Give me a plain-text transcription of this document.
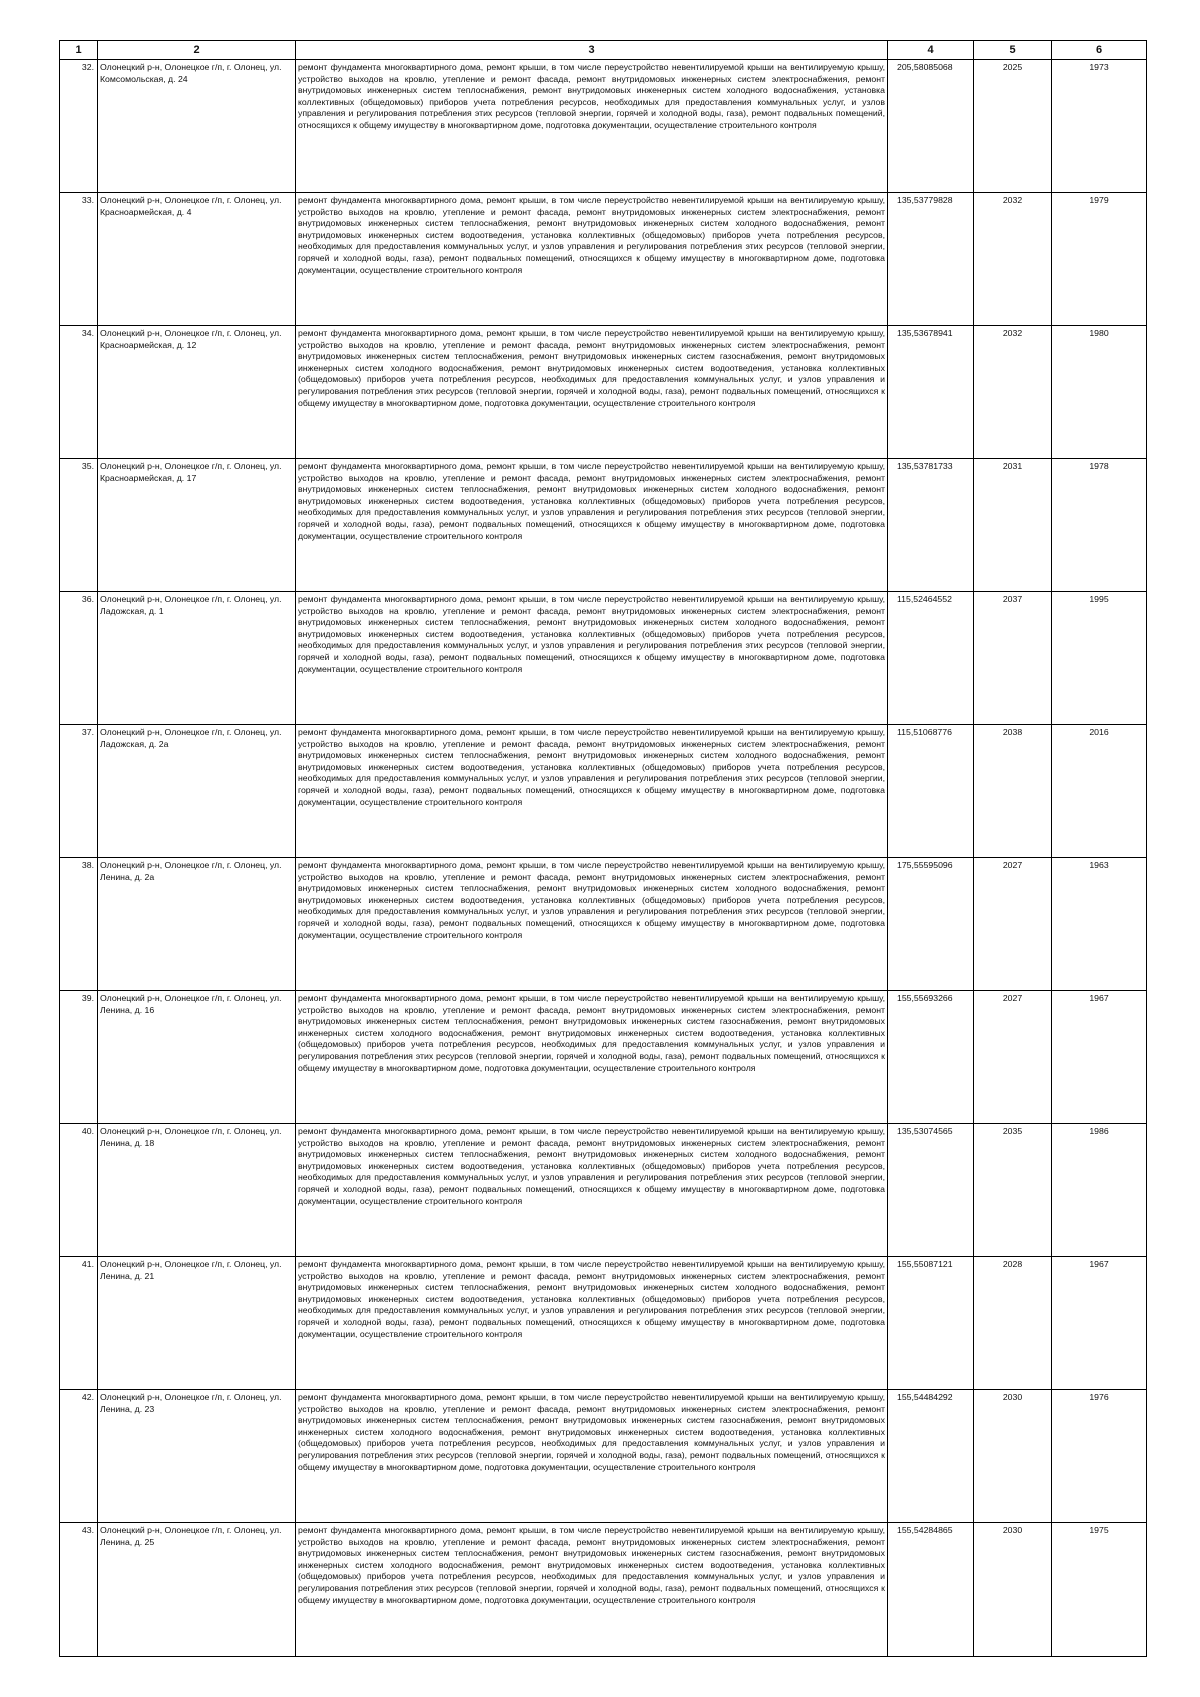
1	2	3	4	5	6
32.	Олонецкий р-н, Олонецкое г/п, г. Олонец, ул. Комсомольская, д. 24	ремонт фундамента многоквартирного дома, ремонт крыши, в том числе переустройство невентилируемой крыши на вентилируемую крышу, устройство выходов на кровлю, утепление и ремонт фасада, ремонт внутридомовых инженерных систем электроснабжения, ремонт внутридомовых инженерных систем теплоснабжения, ремонт внутридомовых инженерных систем холодного водоснабжения, установка коллективных (общедомовых) приборов учета потребления ресурсов, необходимых для предоставления коммунальных услуг, и узлов управления и регулирования потребления этих ресурсов (тепловой энергии, горячей и холодной воды, газа), ремонт подвальных помещений, относящихся к общему имуществу в многоквартирном доме, подготовка документации, осуществление строительного контроля	205,58085068	2025	1973
33.	Олонецкий р-н, Олонецкое г/п, г. Олонец, ул. Красноармейская, д. 4	ремонт фундамента многоквартирного дома, ремонт крыши, в том числе переустройство невентилируемой крыши на вентилируемую крышу, устройство выходов на кровлю, утепление и ремонт фасада, ремонт внутридомовых инженерных систем электроснабжения, ремонт внутридомовых инженерных систем теплоснабжения, ремонт внутридомовых инженерных систем холодного водоснабжения, ремонт внутридомовых инженерных систем водоотведения, установка коллективных (общедомовых) приборов учета потребления ресурсов, необходимых для предоставления коммунальных услуг, и узлов управления и регулирования потребления этих ресурсов (тепловой энергии, горячей и холодной воды, газа), ремонт подвальных помещений, относящихся к общему имуществу в многоквартирном доме, подготовка документации, осуществление строительного контроля	135,53779828	2032	1979
34.	Олонецкий р-н, Олонецкое г/п, г. Олонец, ул. Красноармейская, д. 12	ремонт фундамента многоквартирного дома, ремонт крыши, в том числе переустройство невентилируемой крыши на вентилируемую крышу, устройство выходов на кровлю, утепление и ремонт фасада, ремонт внутридомовых инженерных систем электроснабжения, ремонт внутридомовых инженерных систем теплоснабжения, ремонт внутридомовых инженерных систем газоснабжения, ремонт внутридомовых инженерных систем холодного водоснабжения, ремонт внутридомовых инженерных систем водоотведения, установка коллективных (общедомовых) приборов учета потребления ресурсов, необходимых для предоставления коммунальных услуг, и узлов управления и регулирования потребления этих ресурсов (тепловой энергии, горячей и холодной воды, газа), ремонт подвальных помещений, относящихся к общему имуществу в многоквартирном доме, подготовка документации, осуществление строительного контроля	135,53678941	2032	1980
35.	Олонецкий р-н, Олонецкое г/п, г. Олонец, ул. Красноармейская, д. 17	ремонт фундамента многоквартирного дома, ремонт крыши, в том числе переустройство невентилируемой крыши на вентилируемую крышу, устройство выходов на кровлю, утепление и ремонт фасада, ремонт внутридомовых инженерных систем электроснабжения, ремонт внутридомовых инженерных систем теплоснабжения, ремонт внутридомовых инженерных систем холодного водоснабжения, ремонт внутридомовых инженерных систем водоотведения, установка коллективных (общедомовых) приборов учета потребления ресурсов, необходимых для предоставления коммунальных услуг, и узлов управления и регулирования потребления этих ресурсов (тепловой энергии, горячей и холодной воды, газа), ремонт подвальных помещений, относящихся к общему имуществу в многоквартирном доме, подготовка документации, осуществление строительного контроля	135,53781733	2031	1978
36.	Олонецкий р-н, Олонецкое г/п, г. Олонец, ул. Ладожская, д. 1	ремонт фундамента многоквартирного дома, ремонт крыши, в том числе переустройство невентилируемой крыши на вентилируемую крышу, устройство выходов на кровлю, утепление и ремонт фасада, ремонт внутридомовых инженерных систем электроснабжения, ремонт внутридомовых инженерных систем теплоснабжения, ремонт внутридомовых инженерных систем холодного водоснабжения, ремонт внутридомовых инженерных систем водоотведения, установка коллективных (общедомовых) приборов учета потребления ресурсов, необходимых для предоставления коммунальных услуг, и узлов управления и регулирования потребления этих ресурсов (тепловой энергии, горячей и холодной воды, газа), ремонт подвальных помещений, относящихся к общему имуществу в многоквартирном доме, подготовка документации, осуществление строительного контроля	115,52464552	2037	1995
37.	Олонецкий р-н, Олонецкое г/п, г. Олонец, ул. Ладожская, д. 2а	ремонт фундамента многоквартирного дома, ремонт крыши, в том числе переустройство невентилируемой крыши на вентилируемую крышу, устройство выходов на кровлю, утепление и ремонт фасада, ремонт внутридомовых инженерных систем электроснабжения, ремонт внутридомовых инженерных систем теплоснабжения, ремонт внутридомовых инженерных систем холодного водоснабжения, ремонт внутридомовых инженерных систем водоотведения, установка коллективных (общедомовых) приборов учета потребления ресурсов, необходимых для предоставления коммунальных услуг, и узлов управления и регулирования потребления этих ресурсов (тепловой энергии, горячей и холодной воды, газа), ремонт подвальных помещений, относящихся к общему имуществу в многоквартирном доме, подготовка документации, осуществление строительного контроля	115,51068776	2038	2016
38.	Олонецкий р-н, Олонецкое г/п, г. Олонец, ул. Ленина, д. 2а	ремонт фундамента многоквартирного дома, ремонт крыши, в том числе переустройство невентилируемой крыши на вентилируемую крышу, устройство выходов на кровлю, утепление и ремонт фасада, ремонт внутридомовых инженерных систем электроснабжения, ремонт внутридомовых инженерных систем теплоснабжения, ремонт внутридомовых инженерных систем холодного водоснабжения, ремонт внутридомовых инженерных систем водоотведения, установка коллективных (общедомовых) приборов учета потребления ресурсов, необходимых для предоставления коммунальных услуг, и узлов управления и регулирования потребления этих ресурсов (тепловой энергии, горячей и холодной воды, газа), ремонт подвальных помещений, относящихся к общему имуществу в многоквартирном доме, подготовка документации, осуществление строительного контроля	175,55595096	2027	1963
39.	Олонецкий р-н, Олонецкое г/п, г. Олонец, ул. Ленина, д. 16	ремонт фундамента многоквартирного дома, ремонт крыши, в том числе переустройство невентилируемой крыши на вентилируемую крышу, устройство выходов на кровлю, утепление и ремонт фасада, ремонт внутридомовых инженерных систем электроснабжения, ремонт внутридомовых инженерных систем теплоснабжения, ремонт внутридомовых инженерных систем газоснабжения, ремонт внутридомовых инженерных систем холодного водоснабжения, ремонт внутридомовых инженерных систем водоотведения, установка коллективных (общедомовых) приборов учета потребления ресурсов, необходимых для предоставления коммунальных услуг, и узлов управления и регулирования потребления этих ресурсов (тепловой энергии, горячей и холодной воды, газа), ремонт подвальных помещений, относящихся к общему имуществу в многоквартирном доме, подготовка документации, осуществление строительного контроля	155,55693266	2027	1967
40.	Олонецкий р-н, Олонецкое г/п, г. Олонец, ул. Ленина, д. 18	ремонт фундамента многоквартирного дома, ремонт крыши, в том числе переустройство невентилируемой крыши на вентилируемую крышу, устройство выходов на кровлю, утепление и ремонт фасада, ремонт внутридомовых инженерных систем электроснабжения, ремонт внутридомовых инженерных систем теплоснабжения, ремонт внутридомовых инженерных систем холодного водоснабжения, ремонт внутридомовых инженерных систем водоотведения, установка коллективных (общедомовых) приборов учета потребления ресурсов, необходимых для предоставления коммунальных услуг, и узлов управления и регулирования потребления этих ресурсов (тепловой энергии, горячей и холодной воды, газа), ремонт подвальных помещений, относящихся к общему имуществу в многоквартирном доме, подготовка документации, осуществление строительного контроля	135,53074565	2035	1986
41.	Олонецкий р-н, Олонецкое г/п, г. Олонец, ул. Ленина, д. 21	ремонт фундамента многоквартирного дома, ремонт крыши, в том числе переустройство невентилируемой крыши на вентилируемую крышу, устройство выходов на кровлю, утепление и ремонт фасада, ремонт внутридомовых инженерных систем электроснабжения, ремонт внутридомовых инженерных систем теплоснабжения, ремонт внутридомовых инженерных систем холодного водоснабжения, ремонт внутридомовых инженерных систем водоотведения, установка коллективных (общедомовых) приборов учета потребления ресурсов, необходимых для предоставления коммунальных услуг, и узлов управления и регулирования потребления этих ресурсов (тепловой энергии, горячей и холодной воды, газа), ремонт подвальных помещений, относящихся к общему имуществу в многоквартирном доме, подготовка документации, осуществление строительного контроля	155,55087121	2028	1967
42.	Олонецкий р-н, Олонецкое г/п, г. Олонец, ул. Ленина, д. 23	ремонт фундамента многоквартирного дома, ремонт крыши, в том числе переустройство невентилируемой крыши на вентилируемую крышу, устройство выходов на кровлю, утепление и ремонт фасада, ремонт внутридомовых инженерных систем электроснабжения, ремонт внутридомовых инженерных систем теплоснабжения, ремонт внутридомовых инженерных систем газоснабжения, ремонт внутридомовых инженерных систем холодного водоснабжения, ремонт внутридомовых инженерных систем водоотведения, установка коллективных (общедомовых) приборов учета потребления ресурсов, необходимых для предоставления коммунальных услуг, и узлов управления и регулирования потребления этих ресурсов (тепловой энергии, горячей и холодной воды, газа), ремонт подвальных помещений, относящихся к общему имуществу в многоквартирном доме, подготовка документации, осуществление строительного контроля	155,54484292	2030	1976
43.	Олонецкий р-н, Олонецкое г/п, г. Олонец, ул. Ленина, д. 25	ремонт фундамента многоквартирного дома, ремонт крыши, в том числе переустройство невентилируемой крыши на вентилируемую крышу, устройство выходов на кровлю, утепление и ремонт фасада, ремонт внутридомовых инженерных систем электроснабжения, ремонт внутридомовых инженерных систем теплоснабжения, ремонт внутридомовых инженерных систем газоснабжения, ремонт внутридомовых инженерных систем холодного водоснабжения, ремонт внутридомовых инженерных систем водоотведения, установка коллективных (общедомовых) приборов учета потребления ресурсов, необходимых для предоставления коммунальных услуг, и узлов управления и регулирования потребления этих ресурсов (тепловой энергии, горячей и холодной воды, газа), ремонт подвальных помещений, относящихся к общему имуществу в многоквартирном доме, подготовка документации, осуществление строительного контроля	155,54284865	2030	1975
